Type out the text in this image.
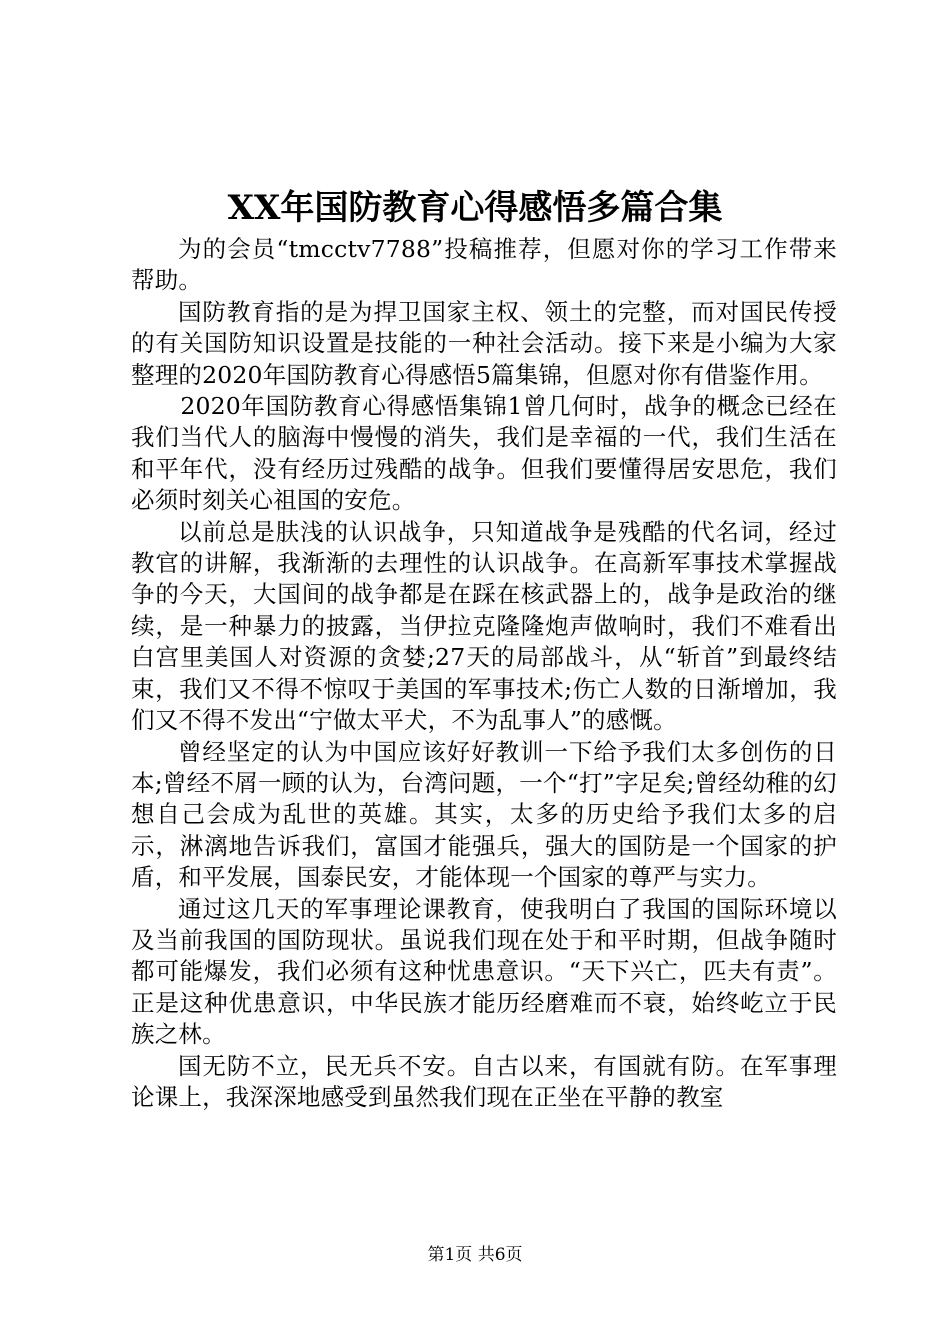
XX年国防教育心得感悟多篇合集

为的会员“tmcctv7788”投稿推荐，但愿对你的学习工作带来帮助。

国防教育指的是为捍卫国家主权、领土的完整，而对国民传授的有关国防知识设置是技能的一种社会活动。接下来是小编为大家整理的2020年国防教育心得感悟5篇集锦，但愿对你有借鉴作用。

2020年国防教育心得感悟集锦1曾几何时，战争的概念已经在我们当代人的脑海中慢慢的消失，我们是幸福的一代，我们生活在和平年代，没有经历过残酷的战争。但我们要懂得居安思危，我们必须时刻关心祖国的安危。

以前总是肤浅的认识战争，只知道战争是残酷的代名词，经过教官的讲解，我渐渐的去理性的认识战争。在高新军事技术掌握战争的今天，大国间的战争都是在踩在核武器上的，战争是政治的继续，是一种暴力的披露，当伊拉克隆隆炮声做响时，我们不难看出白宫里美国人对资源的贪婪;27天的局部战斗，从“斩首”到最终结束，我们又不得不惊叹于美国的军事技术;伤亡人数的日渐增加，我们又不得不发出“宁做太平犬，不为乱事人”的感慨。

曾经坚定的认为中国应该好好教训一下给予我们太多创伤的日本;曾经不屑一顾的认为，台湾问题，一个“打”字足矣;曾经幼稚的幻想自己会成为乱世的英雄。其实，太多的历史给予我们太多的启示，淋漓地告诉我们，富国才能强兵，强大的国防是一个国家的护盾，和平发展，国泰民安，才能体现一个国家的尊严与实力。

通过这几天的军事理论课教育，使我明白了我国的国际环境以及当前我国的国防现状。虽说我们现在处于和平时期，但战争随时都可能爆发，我们必须有这种忧患意识。“天下兴亡，匹夫有责”。正是这种优患意识，中华民族才能历经磨难而不衰，始终屹立于民族之林。

国无防不立，民无兵不安。自古以来，有国就有防。在军事理论课上，我深深地感受到虽然我们现在正坐在平静的教室

第1页 共6页
